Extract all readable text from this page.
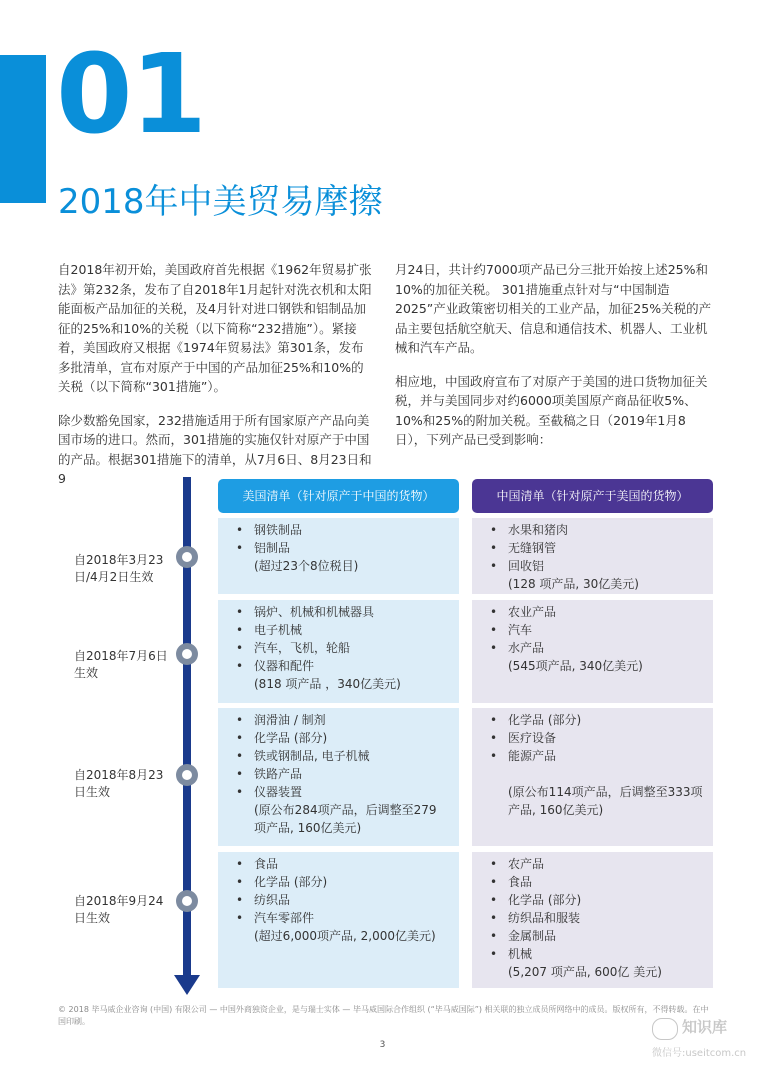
01
2018年中美贸易摩擦

自2018年初开始，美国政府首先根据《1962年贸易扩张法》第232条，发布了自2018年1月起针对洗衣机和太阳能面板产品加征的关税，及4月针对进口钢铁和铝制品加征的25%和10%的关税（以下简称“232措施”）。紧接着，美国政府又根据《1974年贸易法》第301条，发布多批清单，宣布对原产于中国的产品加征25%和10%的关税（以下简称“301措施”）。

除少数豁免国家，232措施适用于所有国家原产产品向美国市场的进口。然而，301措施的实施仅针对原产于中国的产品。根据301措施下的清单，从7月6日、8月23日和9

月24日，共计约7000项产品已分三批开始按上述25%和10%的加征关税。 301措施重点针对与“中国制造2025”产业政策密切相关的工业产品，加征25%关税的产品主要包括航空航天、信息和通信技术、机器人、工业机械和汽车产品。

相应地，中国政府宣布了对原产于美国的进口货物加征关税，并与美国同步对约6000项美国原产商品征收5%、10%和25%的附加关税。至截稿之日（2019年1月8日），下列产品已受到影响：

自2018年3月23日/4月2日生效
自2018年7月6日生效
自2018年8月23日生效
自2018年9月24日生效
美国清单（针对原产于中国的货物）	中国清单（针对原产于美国的货物）
• 钢铁制品
• 铝制品
(超过23个8位税目)
• 水果和猪肉
• 无缝钢管
• 回收铝
(128 项产品, 30亿美元)
• 锅炉、机械和机械器具
• 电子机械
• 汽车，飞机，轮船
• 仪器和配件
(818 项产品 ，340亿美元)
• 农业产品
• 汽车
• 水产品
(545项产品, 340亿美元)
• 润滑油 / 制剂
• 化学品 (部分)
• 铁或钢制品, 电子机械
• 铁路产品
• 仪器装置
(原公布284项产品，后调整至279 项产品, 160亿美元)
• 化学品 (部分)
• 医疗设备
• 能源产品
(原公布114项产品，后调整至333项产品, 160亿美元)
• 食品
• 化学品 (部分)
• 纺织品
• 汽车零部件
(超过6,000项产品, 2,000亿美元)
• 农产品
• 食品
• 化学品 (部分)
• 纺织品和服装
• 金属制品
• 机械
(5,207 项产品, 600亿 美元)
© 2018 毕马威企业咨询 (中国) 有限公司 — 中国外商独资企业，是与瑞士实体 — 毕马威国际合作组织 (“毕马威国际”) 相关联的独立成员所网络中的成员。版权所有，不得转载。在中国印刷。
3
知识库
微信号:useitcom.cn
